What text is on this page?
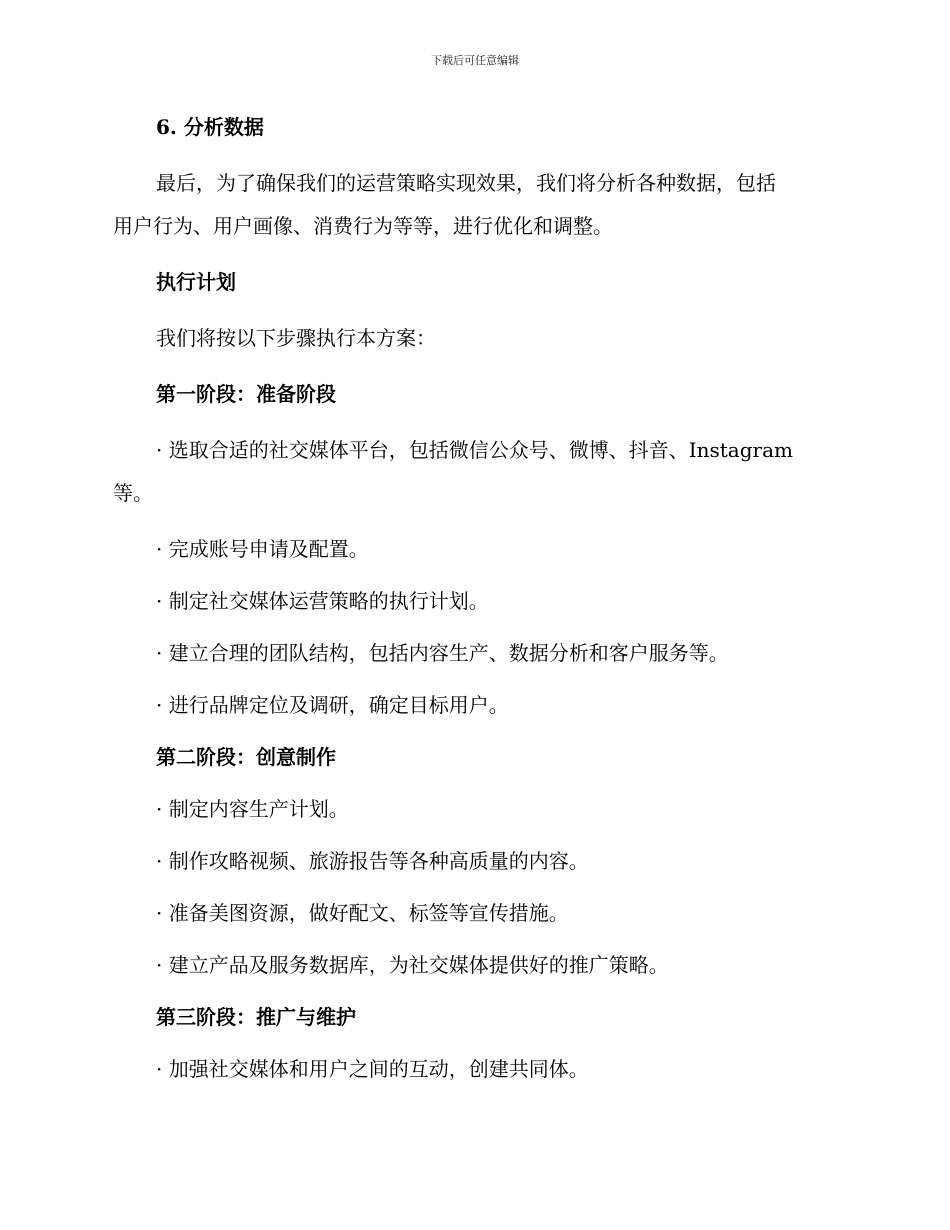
下载后可任意编辑
6. 分析数据
最后，为了确保我们的运营策略实现效果，我们将分析各种数据，包括
用户行为、用户画像、消费行为等等，进行优化和调整。
执行计划
我们将按以下步骤执行本方案：
第一阶段：准备阶段
· 选取合适的社交媒体平台，包括微信公众号、微博、抖音、Instagram
等。
· 完成账号申请及配置。
· 制定社交媒体运营策略的执行计划。
· 建立合理的团队结构，包括内容生产、数据分析和客户服务等。
· 进行品牌定位及调研，确定目标用户。
第二阶段：创意制作
· 制定内容生产计划。
· 制作攻略视频、旅游报告等各种高质量的内容。
· 准备美图资源，做好配文、标签等宣传措施。
· 建立产品及服务数据库，为社交媒体提供好的推广策略。
第三阶段：推广与维护
· 加强社交媒体和用户之间的互动，创建共同体。
